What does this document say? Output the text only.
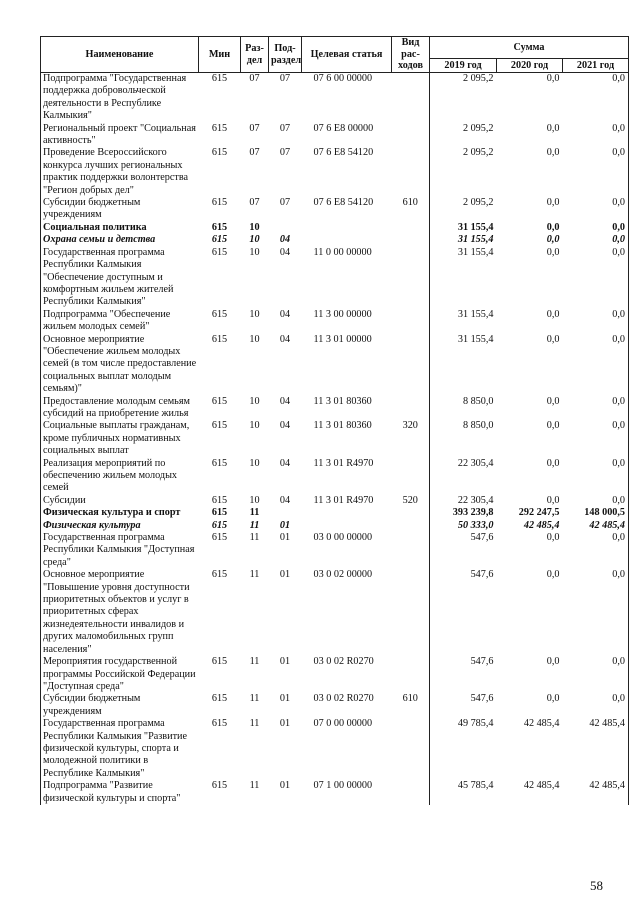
Наименование	Мин	Раз-дел	Под-раздел	Целевая статья	Вид рас-ходов	Сумма		
						2019 год	2020 год	2021 год
Подпрограмма "Государственная поддержка добровольческой деятельности в Республике Калмыкия"	615	07	07	07 6 00 00000		2 095,2	0,0	0,0
Региональный проект "Социальная активность"	615	07	07	07 6 E8 00000		2 095,2	0,0	0,0
Проведение Всероссийского конкурса лучших региональных практик поддержки волонтерства "Регион добрых дел"	615	07	07	07 6 E8 54120		2 095,2	0,0	0,0
Субсидии бюджетным учреждениям	615	07	07	07 6 E8 54120	610	2 095,2	0,0	0,0
Социальная политика	615	10				31 155,4	0,0	0,0
Охрана семьи и детства	615	10	04			31 155,4	0,0	0,0
Государственная программа Республики Калмыкия "Обеспечение доступным и комфортным жильем жителей Республики Калмыкия"	615	10	04	11 0 00 00000		31 155,4	0,0	0,0
Подпрограмма "Обеспечение жильем молодых семей"	615	10	04	11 3 00 00000		31 155,4	0,0	0,0
Основное мероприятие "Обеспечение жильем молодых семей (в том числе предоставление социальных выплат молодым семьям)"	615	10	04	11 3 01 00000		31 155,4	0,0	0,0
Предоставление молодым семьям субсидий на приобретение жилья	615	10	04	11 3 01 80360		8 850,0	0,0	0,0
Социальные выплаты гражданам, кроме публичных нормативных социальных выплат	615	10	04	11 3 01 80360	320	8 850,0	0,0	0,0
Реализация мероприятий по обеспечению жильем молодых семей	615	10	04	11 3 01 R4970		22 305,4	0,0	0,0
Субсидии	615	10	04	11 3 01 R4970	520	22 305,4	0,0	0,0
Физическая культура и спорт	615	11				393 239,8	292 247,5	148 000,5
Физическая культура	615	11	01			50 333,0	42 485,4	42 485,4
Государственная программа Республики Калмыкия "Доступная среда"	615	11	01	03 0 00 00000		547,6	0,0	0,0
Основное мероприятие "Повышение уровня доступности приоритетных объектов и услуг в приоритетных сферах жизнедеятельности инвалидов и других маломобильных групп населения"	615	11	01	03 0 02 00000		547,6	0,0	0,0
Мероприятия государственной программы Российской Федерации "Доступная среда"	615	11	01	03 0 02 R0270		547,6	0,0	0,0
Субсидии бюджетным учреждениям	615	11	01	03 0 02 R0270	610	547,6	0,0	0,0
Государственная программа Республики Калмыкия "Развитие физической культуры, спорта и молодежной политики в Республике Калмыкия"	615	11	01	07 0 00 00000		49 785,4	42 485,4	42 485,4
Подпрограмма "Развитие физической культуры и спорта"	615	11	01	07 1 00 00000		45 785,4	42 485,4	42 485,4
58
